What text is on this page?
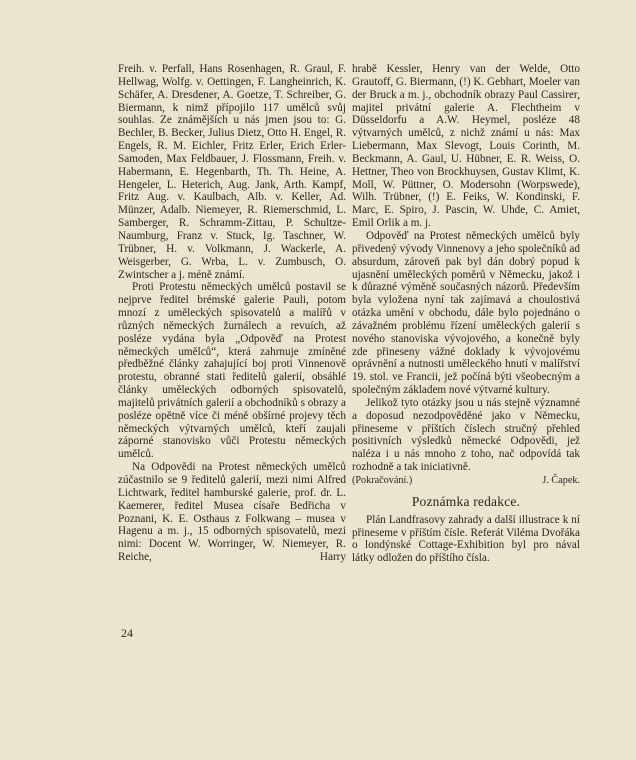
Freih. v. Perfall, Hans Rosenhagen, R. Graul, F. Hellwag, Wolfg. v. Oettingen, F. Langheinrich, K. Schäfer, A. Dresdener, A. Goetze, T. Schreiber, G. Biermann, k nimž přípojilo 117 umělců svůj souhlas. Ze známějších u nás jmen jsou to: G. Bechler, B. Becker, Julius Dietz, Otto H. Engel, R. Engels, R. M. Eichler, Fritz Erler, Erich Erler-Samoden, Max Feldbauer, J. Flossmann, Freih. v. Habermann, E. Hegenbarth, Th. Th. Heine, A. Hengeler, L. Heterich, Aug. Jank, Arth. Kampf, Fritz Aug. v. Kaulbach, Alb. v. Keller, Ad. Münzer, Adalb. Niemeyer, R. Riemerschmid, L. Samberger, R. Schramm-Zittau, P. Schultze-Naumburg, Franz v. Stuck, Ig. Taschner, W. Trübner, H. v. Volkmann, J. Wackerle, A. Weisgerber, G. Wrba, L. v. Zumbusch, O. Zwintscher a j. méně známí.

Proti Protestu německých umělců postavil se nejprve ředitel brémské galerie Pauli, potom mnozí z uměleckých spisovatelů a malířů v různých německých žurnálech a revuích, až posléze vydána byla „Odpověď na Protest německých umělců“, která zahrnuje zmíněné předběžné články zahajující boj proti Vinnenově protestu, obranné stati ředitelů galerií, obsáhlé články uměleckých odborných spisovatelů, majitelů privátních galerií a obchodníků s obrazy a posléze opětně více či méně obšírné projevy těch německých výtvarných umělců, kteří zaujali záporné stanovisko vůči Protestu německých umělců.

Na Odpovědi na Protest německých umělců zúčastnilo se 9 ředitelů galerií, mezi nimi Alfred Lichtwark, ředitel hamburské galerie, prof. dr. L. Kaemerer, ředitel Musea císaře Bedřicha v Poznani, K. E. Osthaus z Folkwang – musea v Hagenu a m. j., 15 odborných spisovatelů, mezi nimi: Docent W. Worringer, W. Niemeyer, R. Reiche, Harry

hrabě Kessler, Henry van der Welde, Otto Grautoff, G. Biermann, (!) K. Gebhart, Moeler van der Bruck a m. j., obchodník obrazy Paul Cassirer, majitel privátní galerie A. Flechtheim v Düsseldorfu a A.W. Heymel, posléze 48 výtvarných umělců, z nichž známí u nás: Max Liebermann, Max Slevogt, Louis Corinth, M. Beckmann, A. Gaul, U. Hübner, E. R. Weiss, O. Hettner, Theo von Brockhuysen, Gustav Klimt, K. Moll, W. Püttner, O. Modersohn (Worpswede), Wilh. Trübner, (!) E. Feiks, W. Kondinski, F. Marc, E. Spiro, J. Pascin, W. Uhde, C. Amiet, Emil Orlik a m. j.

Odpověď na Protest německých umělců byly přivedený vývody Vinnenovy a jeho společníků ad absurdum, zároveň pak byl dán dobrý popud k ujasnění uměleckých poměrů v Německu, jakož i k důrazné výměně současných názorů. Především byla vyložena nyní tak zajímavá a choulostivá otázka umění v obchodu, dále bylo pojednáno o závažném problému řízení uměleckých galerií s nového stanoviska vývojového, a konečně byly zde přineseny vážné doklady k vývojovému oprávnění a nutnosti uměleckého hnutí v malířství 19. stol. ve Francii, jež počíná býti všeobecným a společným základem nové výtvarné kultury.

Jelikož tyto otázky jsou u nás stejně významné a doposud nezodpověděné jako v Německu, přineseme v příštích číslech stručný přehled positivních výsledků německé Odpovědi, jež naléza i u nás mnoho z toho, nač odpovídá tak rozhodně a tak iniciativně.

(Pokračování.)	J. Čapek.
Poznámka redakce.

Plán Landfrasovy zahrady a další illustrace k ní přineseme v příštím čísle. Referát Viléma Dvořáka o londýnské Cottage-Exhibition byl pro nával látky odložen do příštího čísla.

24
